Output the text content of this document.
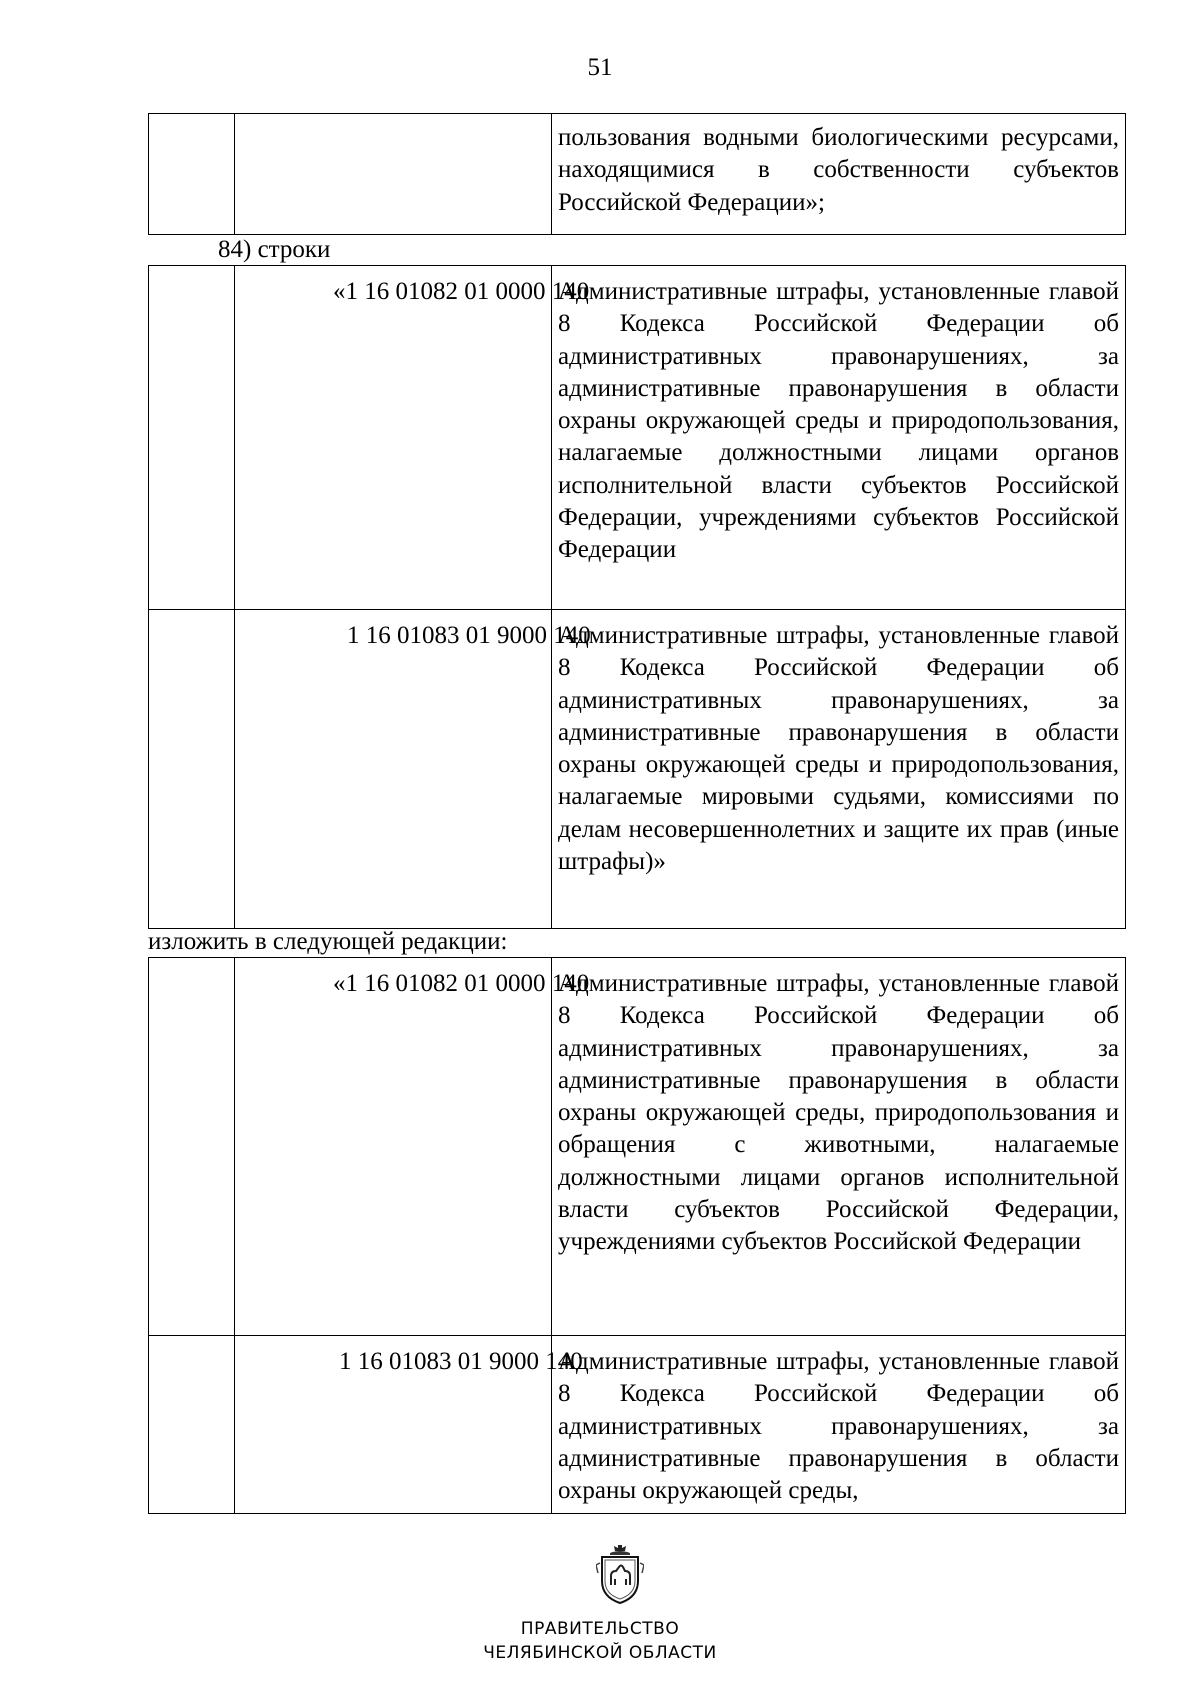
51

пользования водными биологическими ресурсами, находящимися в собственности субъектов Российской Федерации»;
84) строки

	«1 16 01082 01 0000 140	Административные штрафы, установленные главой 8 Кодекса Российской Федерации об административных правонарушениях, за административные правонарушения в области охраны окружающей среды и природопользования, налагаемые должностными лицами органов исполнительной власти субъектов Российской Федерации, учреждениями субъектов Российской Федерации

	1 16 01083 01 9000 140	Административные штрафы, установленные главой 8 Кодекса Российской Федерации об административных правонарушениях, за административные правонарушения в области охраны окружающей среды и природопользования, налагаемые мировыми судьями, комиссиями по делам несовершеннолетних и защите их прав (иные штрафы)»
изложить в следующей редакции:

	«1 16 01082 01 0000 140	Административные штрафы, установленные главой 8 Кодекса Российской Федерации об административных правонарушениях, за административные правонарушения в области охраны окружающей среды, природопользования и обращения с животными, налагаемые должностными лицами органов исполнительной власти субъектов Российской Федерации, учреждениями субъектов Российской Федерации

	1 16 01083 01 9000 140	Административные штрафы, установленные главой 8 Кодекса Российской Федерации об административных правонарушениях, за административные правонарушения в области охраны окружающей среды,
ПРАВИТЕЛЬСТВО
ЧЕЛЯБИНСКОЙ ОБЛАСТИ
